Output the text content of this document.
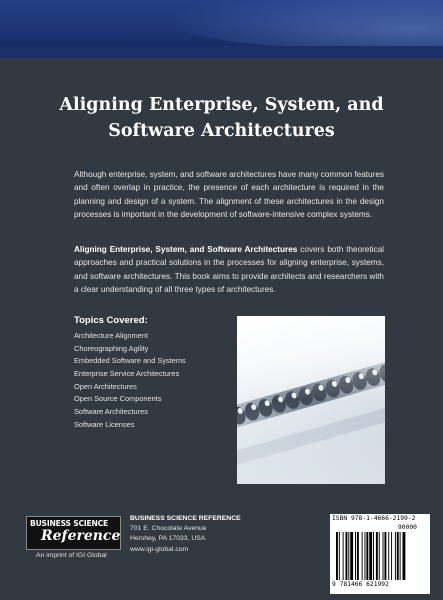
Aligning Enterprise, System, and
Software Architectures
Although enterprise, system, and software architectures have many common features and often overlap in practice, the presence of each architecture is required in the planning and design of a system. The alignment of these architectures in the design processes is important in the development of software-intensive complex systems.
Aligning Enterprise, System, and Software Architectures covers both theoretical approaches and practical solutions in the processes for aligning enterprise, systems, and software architectures. This book aims to provide architects and researchers with a clear understanding of all three types of architectures.
Topics Covered:
Architecture Alignment
Choreographing Agility
Embedded Software and Systems
Enterprise Service Architectures
Open Architectures
Open Source Components
Software Architectures
Software Licenses
BUSINESS SCIENCE
Reference
An imprint of IGI Global
BUSINESS SCIENCE REFERENCE
701 E. Chocolate Avenue
Hershey, PA 17033, USA
www.igi-global.com
ISBN 978-1-4666-2199-2
90000
9 781466 621992
